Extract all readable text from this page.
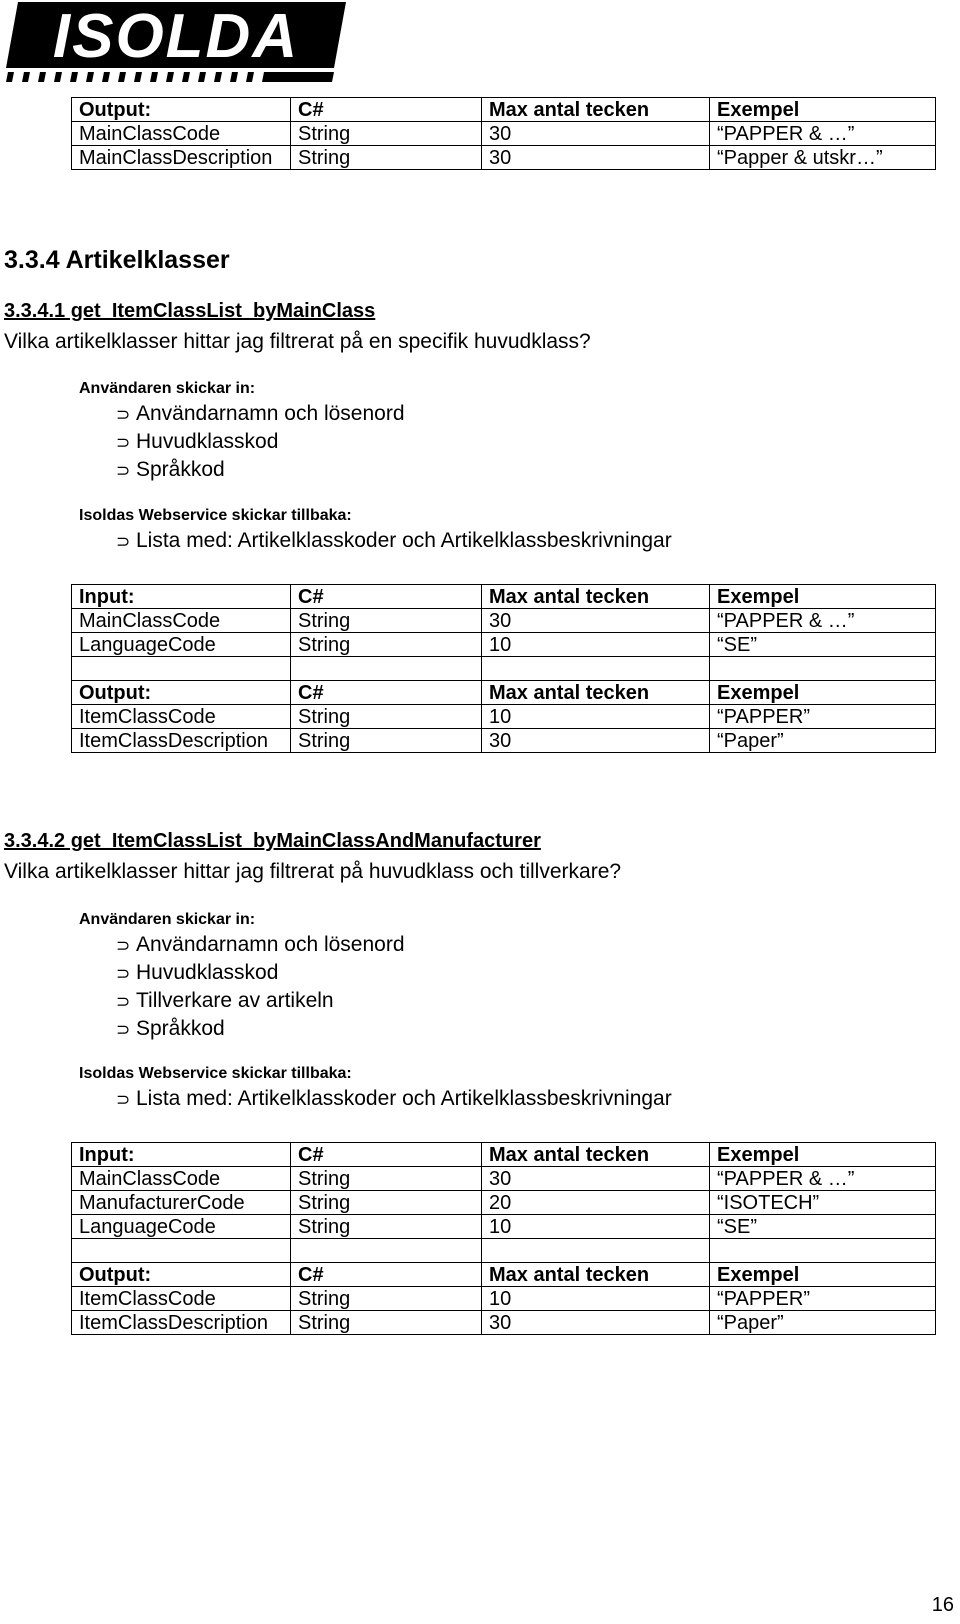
ISOLDA
Output:	C#	Max antal tecken	Exempel
MainClassCode	String	30	“PAPPER & …”
MainClassDescription	String	30	“Papper & utskr…”
3.3.4 Artikelklasser
3.3.4.1 get_ItemClassList_byMainClass
Vilka artikelklasser hittar jag filtrerat på en specifik huvudklass?
Användaren skickar in:
⊃ Användarnamn och lösenord
⊃ Huvudklasskod
⊃ Språkkod
Isoldas Webservice skickar tillbaka:
⊃ Lista med: Artikelklasskoder och Artikelklassbeskrivningar
Input:	C#	Max antal tecken	Exempel
MainClassCode	String	30	“PAPPER & …”
LanguageCode	String	10	“SE”

Output:	C#	Max antal tecken	Exempel
ItemClassCode	String	10	“PAPPER”
ItemClassDescription	String	30	“Paper”
3.3.4.2 get_ItemClassList_byMainClassAndManufacturer
Vilka artikelklasser hittar jag filtrerat på huvudklass och tillverkare?
Användaren skickar in:
⊃ Användarnamn och lösenord
⊃ Huvudklasskod
⊃ Tillverkare av artikeln
⊃ Språkkod
Isoldas Webservice skickar tillbaka:
⊃ Lista med: Artikelklasskoder och Artikelklassbeskrivningar
Input:	C#	Max antal tecken	Exempel
MainClassCode	String	30	“PAPPER & …”
ManufacturerCode	String	20	“ISOTECH”
LanguageCode	String	10	“SE”

Output:	C#	Max antal tecken	Exempel
ItemClassCode	String	10	“PAPPER”
ItemClassDescription	String	30	“Paper”
16
